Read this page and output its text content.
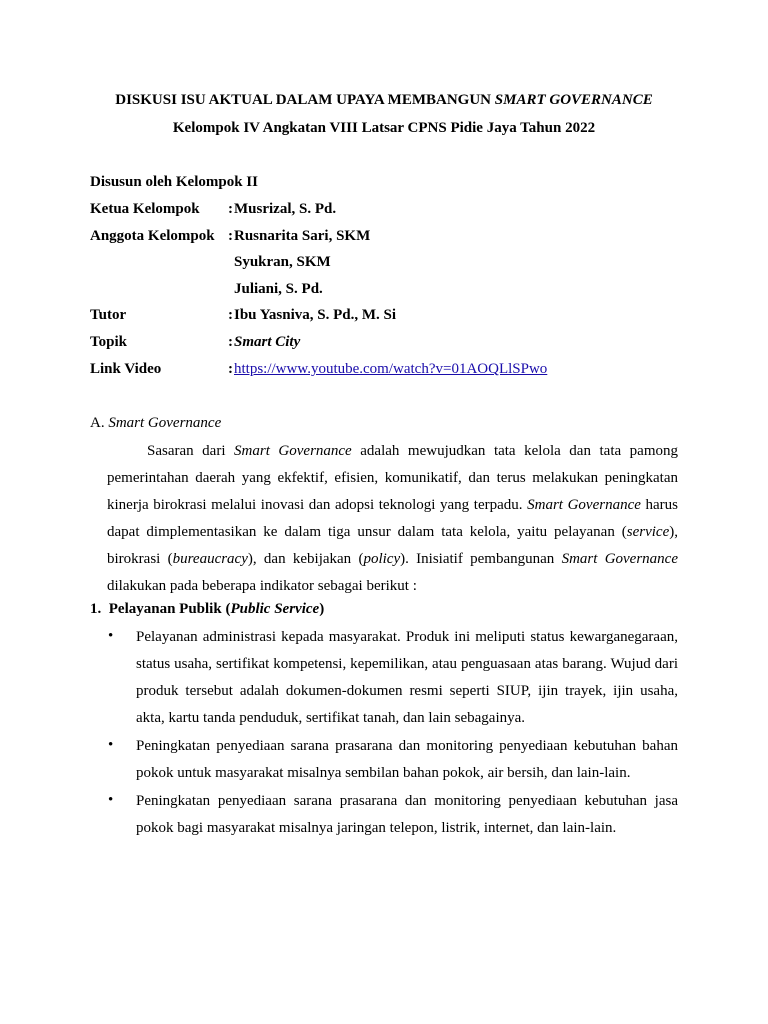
DISKUSI ISU AKTUAL DALAM UPAYA MEMBANGUN SMART GOVERNANCE
Kelompok IV Angkatan VIII Latsar CPNS Pidie Jaya Tahun 2022
Disusun oleh Kelompok II
Ketua Kelompok : Musrizal, S. Pd.
Anggota Kelompok : Rusnarita Sari, SKM
Syukran, SKM
Juliani, S. Pd.
Tutor	: Ibu Yasniva, S. Pd., M. Si
Topik	: Smart City
Link Video	: https://www.youtube.com/watch?v=01AOQLlSPwo
A. Smart Governance
Sasaran dari Smart Governance adalah mewujudkan tata kelola dan tata pamong pemerintahan daerah yang ekfektif, efisien, komunikatif, dan terus melakukan peningkatan kinerja birokrasi melalui inovasi dan adopsi teknologi yang terpadu. Smart Governance harus dapat dimplementasikan ke dalam tiga unsur dalam tata kelola, yaitu pelayanan (service), birokrasi (bureaucracy), dan kebijakan (policy). Inisiatif pembangunan Smart Governance dilakukan pada beberapa indikator sebagai berikut :
1. Pelayanan Publik (Public Service)
• Pelayanan administrasi kepada masyarakat. Produk ini meliputi status kewarganegaraan, status usaha, sertifikat kompetensi, kepemilikan, atau penguasaan atas barang. Wujud dari produk tersebut adalah dokumen-dokumen resmi seperti SIUP, ijin trayek, ijin usaha, akta, kartu tanda penduduk, sertifikat tanah, dan lain sebagainya.
• Peningkatan penyediaan sarana prasarana dan monitoring penyediaan kebutuhan bahan pokok untuk masyarakat misalnya sembilan bahan pokok, air bersih, dan lain-lain.
• Peningkatan penyediaan sarana prasarana dan monitoring penyediaan kebutuhan jasa pokok bagi masyarakat misalnya jaringan telepon, listrik, internet, dan lain-lain.
